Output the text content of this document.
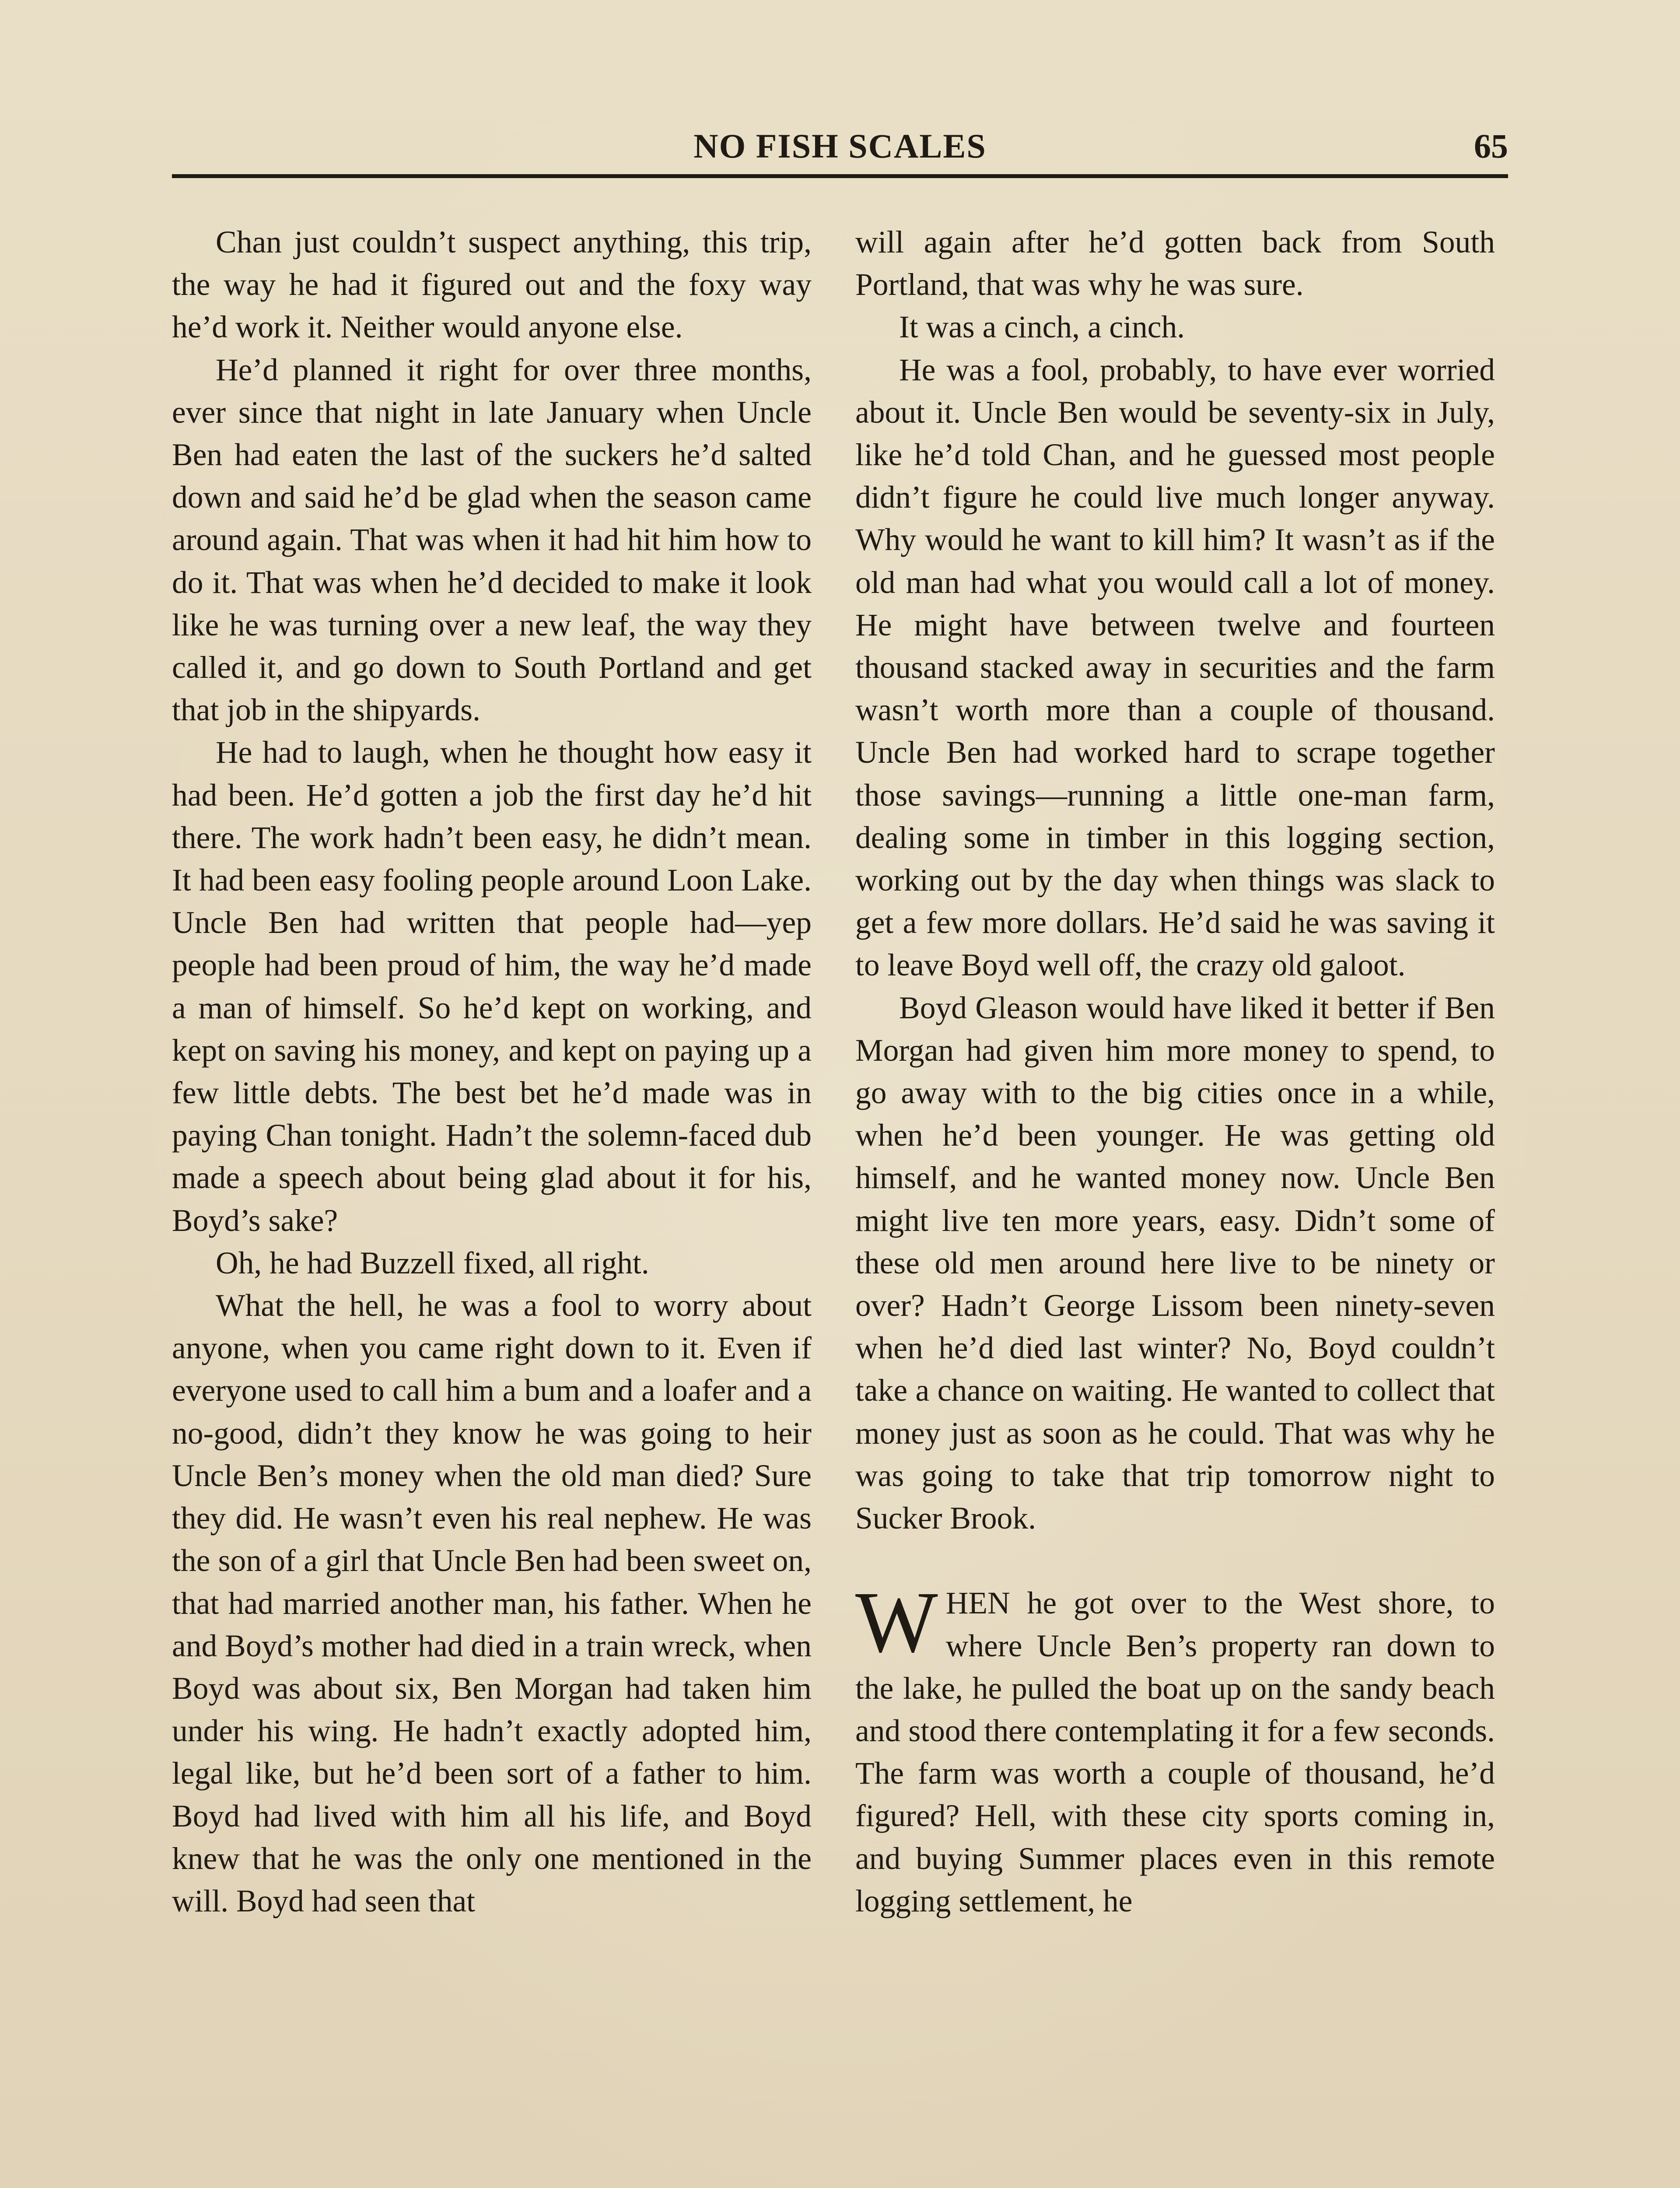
NO FISH SCALES	65

Chan just couldn’t suspect anything, this trip, the way he had it figured out and the foxy way he’d work it. Neither would anyone else.

He’d planned it right for over three months, ever since that night in late January when Uncle Ben had eaten the last of the suckers he’d salted down and said he’d be glad when the season came around again. That was when it had hit him how to do it. That was when he’d decided to make it look like he was turning over a new leaf, the way they called it, and go down to South Portland and get that job in the shipyards.

He had to laugh, when he thought how easy it had been. He’d gotten a job the first day he’d hit there. The work hadn’t been easy, he didn’t mean. It had been easy fooling people around Loon Lake. Uncle Ben had written that people had—yep people had been proud of him, the way he’d made a man of himself. So he’d kept on working, and kept on saving his money, and kept on paying up a few little debts. The best bet he’d made was in paying Chan tonight. Hadn’t the solemn-faced dub made a speech about being glad about it for his, Boyd’s sake?

Oh, he had Buzzell fixed, all right.

What the hell, he was a fool to worry about anyone, when you came right down to it. Even if everyone used to call him a bum and a loafer and a no-good, didn’t they know he was going to heir Uncle Ben’s money when the old man died? Sure they did. He wasn’t even his real nephew. He was the son of a girl that Uncle Ben had been sweet on, that had married another man, his father. When he and Boyd’s mother had died in a train wreck, when Boyd was about six, Ben Morgan had taken him under his wing. He hadn’t exactly adopted him, legal like, but he’d been sort of a father to him. Boyd had lived with him all his life, and Boyd knew that he was the only one mentioned in the will. Boyd had seen that

will again after he’d gotten back from South Portland, that was why he was sure.

It was a cinch, a cinch.

He was a fool, probably, to have ever worried about it. Uncle Ben would be seventy-six in July, like he’d told Chan, and he guessed most people didn’t figure he could live much longer anyway. Why would he want to kill him? It wasn’t as if the old man had what you would call a lot of money. He might have between twelve and fourteen thousand stacked away in securities and the farm wasn’t worth more than a couple of thousand. Uncle Ben had worked hard to scrape together those savings—running a little one-man farm, dealing some in timber in this logging section, working out by the day when things was slack to get a few more dollars. He’d said he was saving it to leave Boyd well off, the crazy old galoot.

Boyd Gleason would have liked it better if Ben Morgan had given him more money to spend, to go away with to the big cities once in a while, when he’d been younger. He was getting old himself, and he wanted money now. Uncle Ben might live ten more years, easy. Didn’t some of these old men around here live to be ninety or over? Hadn’t George Lissom been ninety-seven when he’d died last winter? No, Boyd couldn’t take a chance on waiting. He wanted to collect that money just as soon as he could. That was why he was going to take that trip tomorrow night to Sucker Brook.

WHEN he got over to the West shore, to where Uncle Ben’s property ran down to the lake, he pulled the boat up on the sandy beach and stood there contemplating it for a few seconds. The farm was worth a couple of thousand, he’d figured? Hell, with these city sports coming in, and buying Summer places even in this remote logging settlement, he
